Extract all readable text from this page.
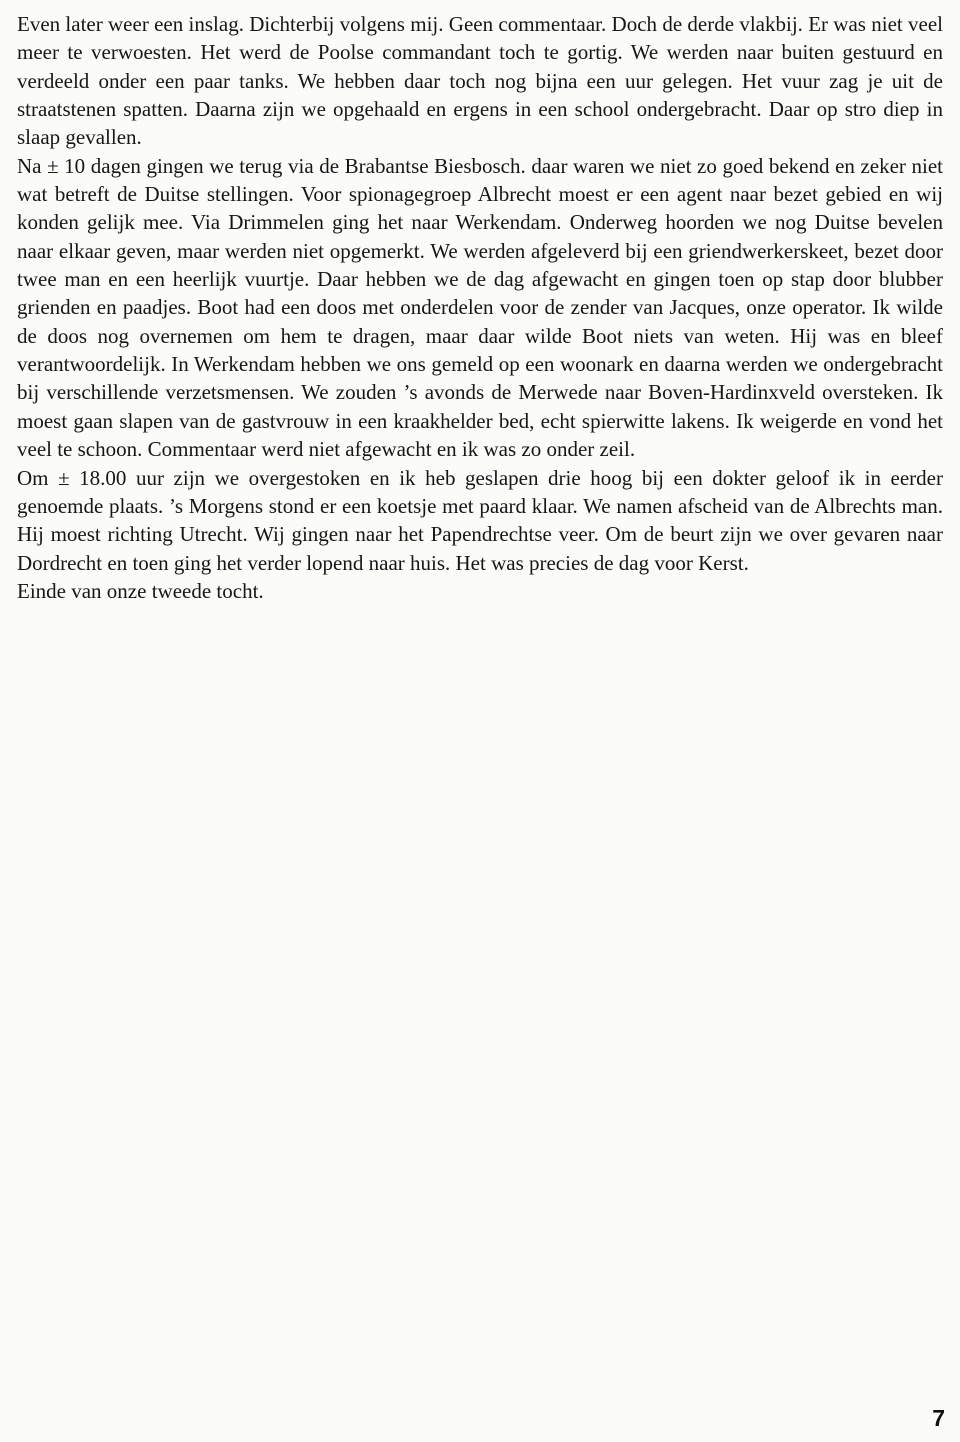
Even later weer een inslag. Dichterbij volgens mij. Geen commentaar. Doch de derde vlakbij. Er was niet veel meer te verwoesten. Het werd de Poolse commandant toch te gortig. We werden naar buiten gestuurd en verdeeld onder een paar tanks. We hebben daar toch nog bijna een uur gelegen. Het vuur zag je uit de straatstenen spatten. Daarna zijn we opgehaald en ergens in een school ondergebracht. Daar op stro diep in slaap gevallen.

Na ± 10 dagen gingen we terug via de Brabantse Biesbosch. daar waren we niet zo goed bekend en zeker niet wat betreft de Duitse stellingen. Voor spionagegroep Albrecht moest er een agent naar bezet gebied en wij konden gelijk mee. Via Drimmelen ging het naar Werkendam. Onderweg hoorden we nog Duitse bevelen naar elkaar geven, maar werden niet opgemerkt. We werden afgeleverd bij een griendwerkerskeet, bezet door twee man en een heerlijk vuurtje. Daar hebben we de dag afgewacht en gingen toen op stap door blubber grienden en paadjes. Boot had een doos met onderdelen voor de zender van Jacques, onze operator. Ik wilde de doos nog overnemen om hem te dragen, maar daar wilde Boot niets van weten. Hij was en bleef verantwoordelijk. In Werkendam hebben we ons gemeld op een woonark en daarna werden we ondergebracht bij verschillende verzetsmensen. We zouden ’s avonds de Merwede naar Boven-Hardinxveld oversteken. Ik moest gaan slapen van de gastvrouw in een kraakhelder bed, echt spierwitte lakens. Ik weigerde en vond het veel te schoon. Commentaar werd niet afgewacht en ik was zo onder zeil.

Om ± 18.00 uur zijn we overgestoken en ik heb geslapen drie hoog bij een dokter geloof ik in eerder genoemde plaats. ’s Morgens stond er een koetsje met paard klaar. We namen afscheid van de Albrechts man. Hij moest richting Utrecht. Wij gingen naar het Papendrechtse veer. Om de beurt zijn we over gevaren naar Dordrecht en toen ging het verder lopend naar huis. Het was precies de dag voor Kerst.

Einde van onze tweede tocht.

7
